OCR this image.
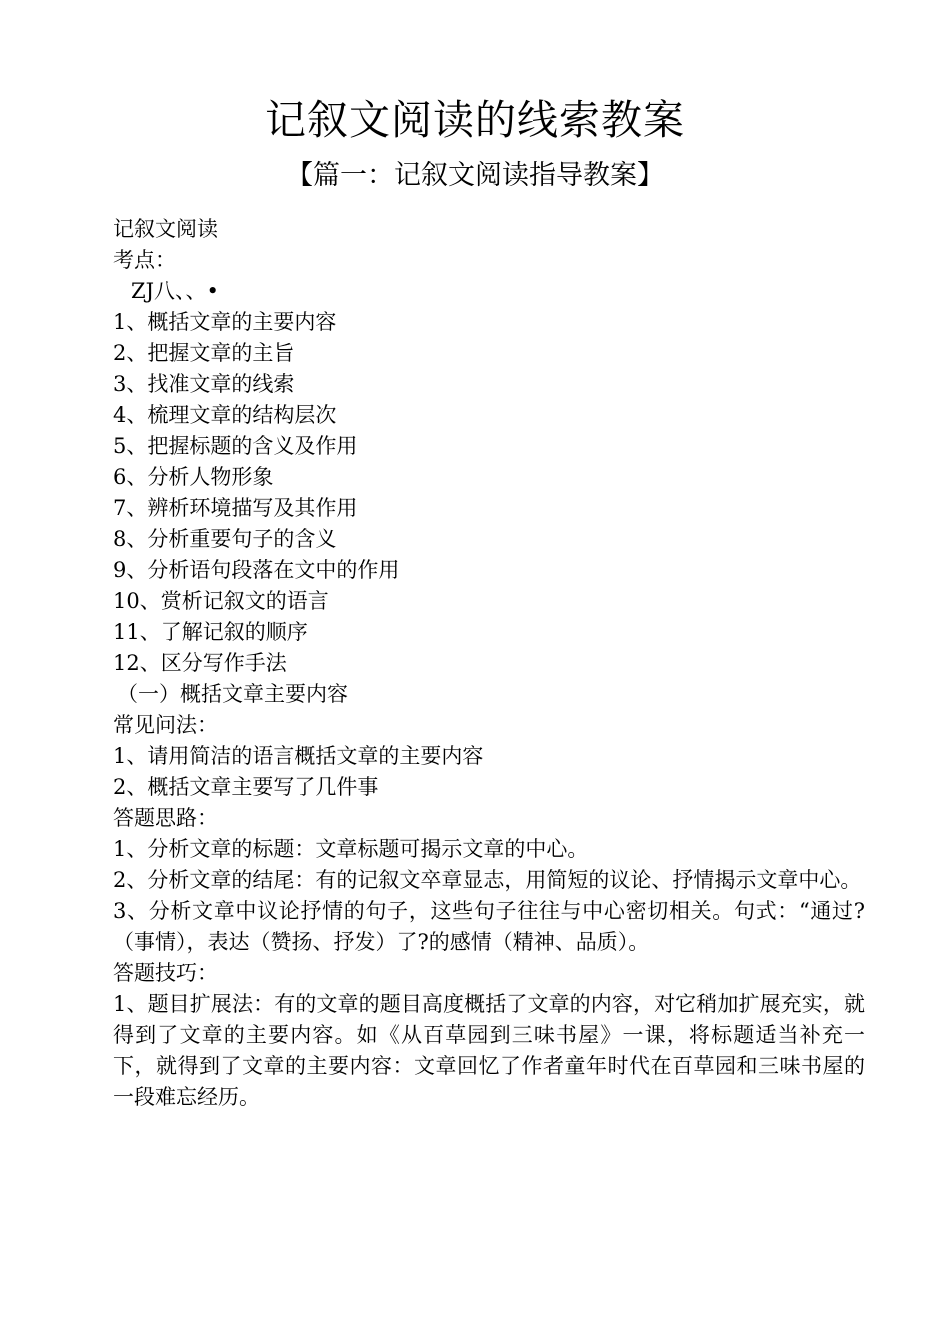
记叙文阅读的线索教案
【篇一：记叙文阅读指导教案】
记叙文阅读
考点：
ZJ八、、•
1、概括文章的主要内容
2、把握文章的主旨
3、找准文章的线索
4、梳理文章的结构层次
5、把握标题的含义及作用
6、分析人物形象
7、辨析环境描写及其作用
8、分析重要句子的含义
9、分析语句段落在文中的作用
10、赏析记叙文的语言
11、了解记叙的顺序
12、区分写作手法
（一）概括文章主要内容
常见问法：
1、请用简洁的语言概括文章的主要内容
2、概括文章主要写了几件事
答题思路：
1、分析文章的标题：文章标题可揭示文章的中心。
2、分析文章的结尾：有的记叙文卒章显志，用简短的议论、抒情揭示文章中心。
3、分析文章中议论抒情的句子，这些句子往往与中心密切相关。句式：“通过?（事情），表达（赞扬、抒发）了?的感情（精神、品质）。
答题技巧：
1、题目扩展法：有的文章的题目高度概括了文章的内容，对它稍加扩展充实，就得到了文章的主要内容。如《从百草园到三味书屋》一课，将标题适当补充一下，就得到了文章的主要内容：文章回忆了作者童年时代在百草园和三味书屋的一段难忘经历。
